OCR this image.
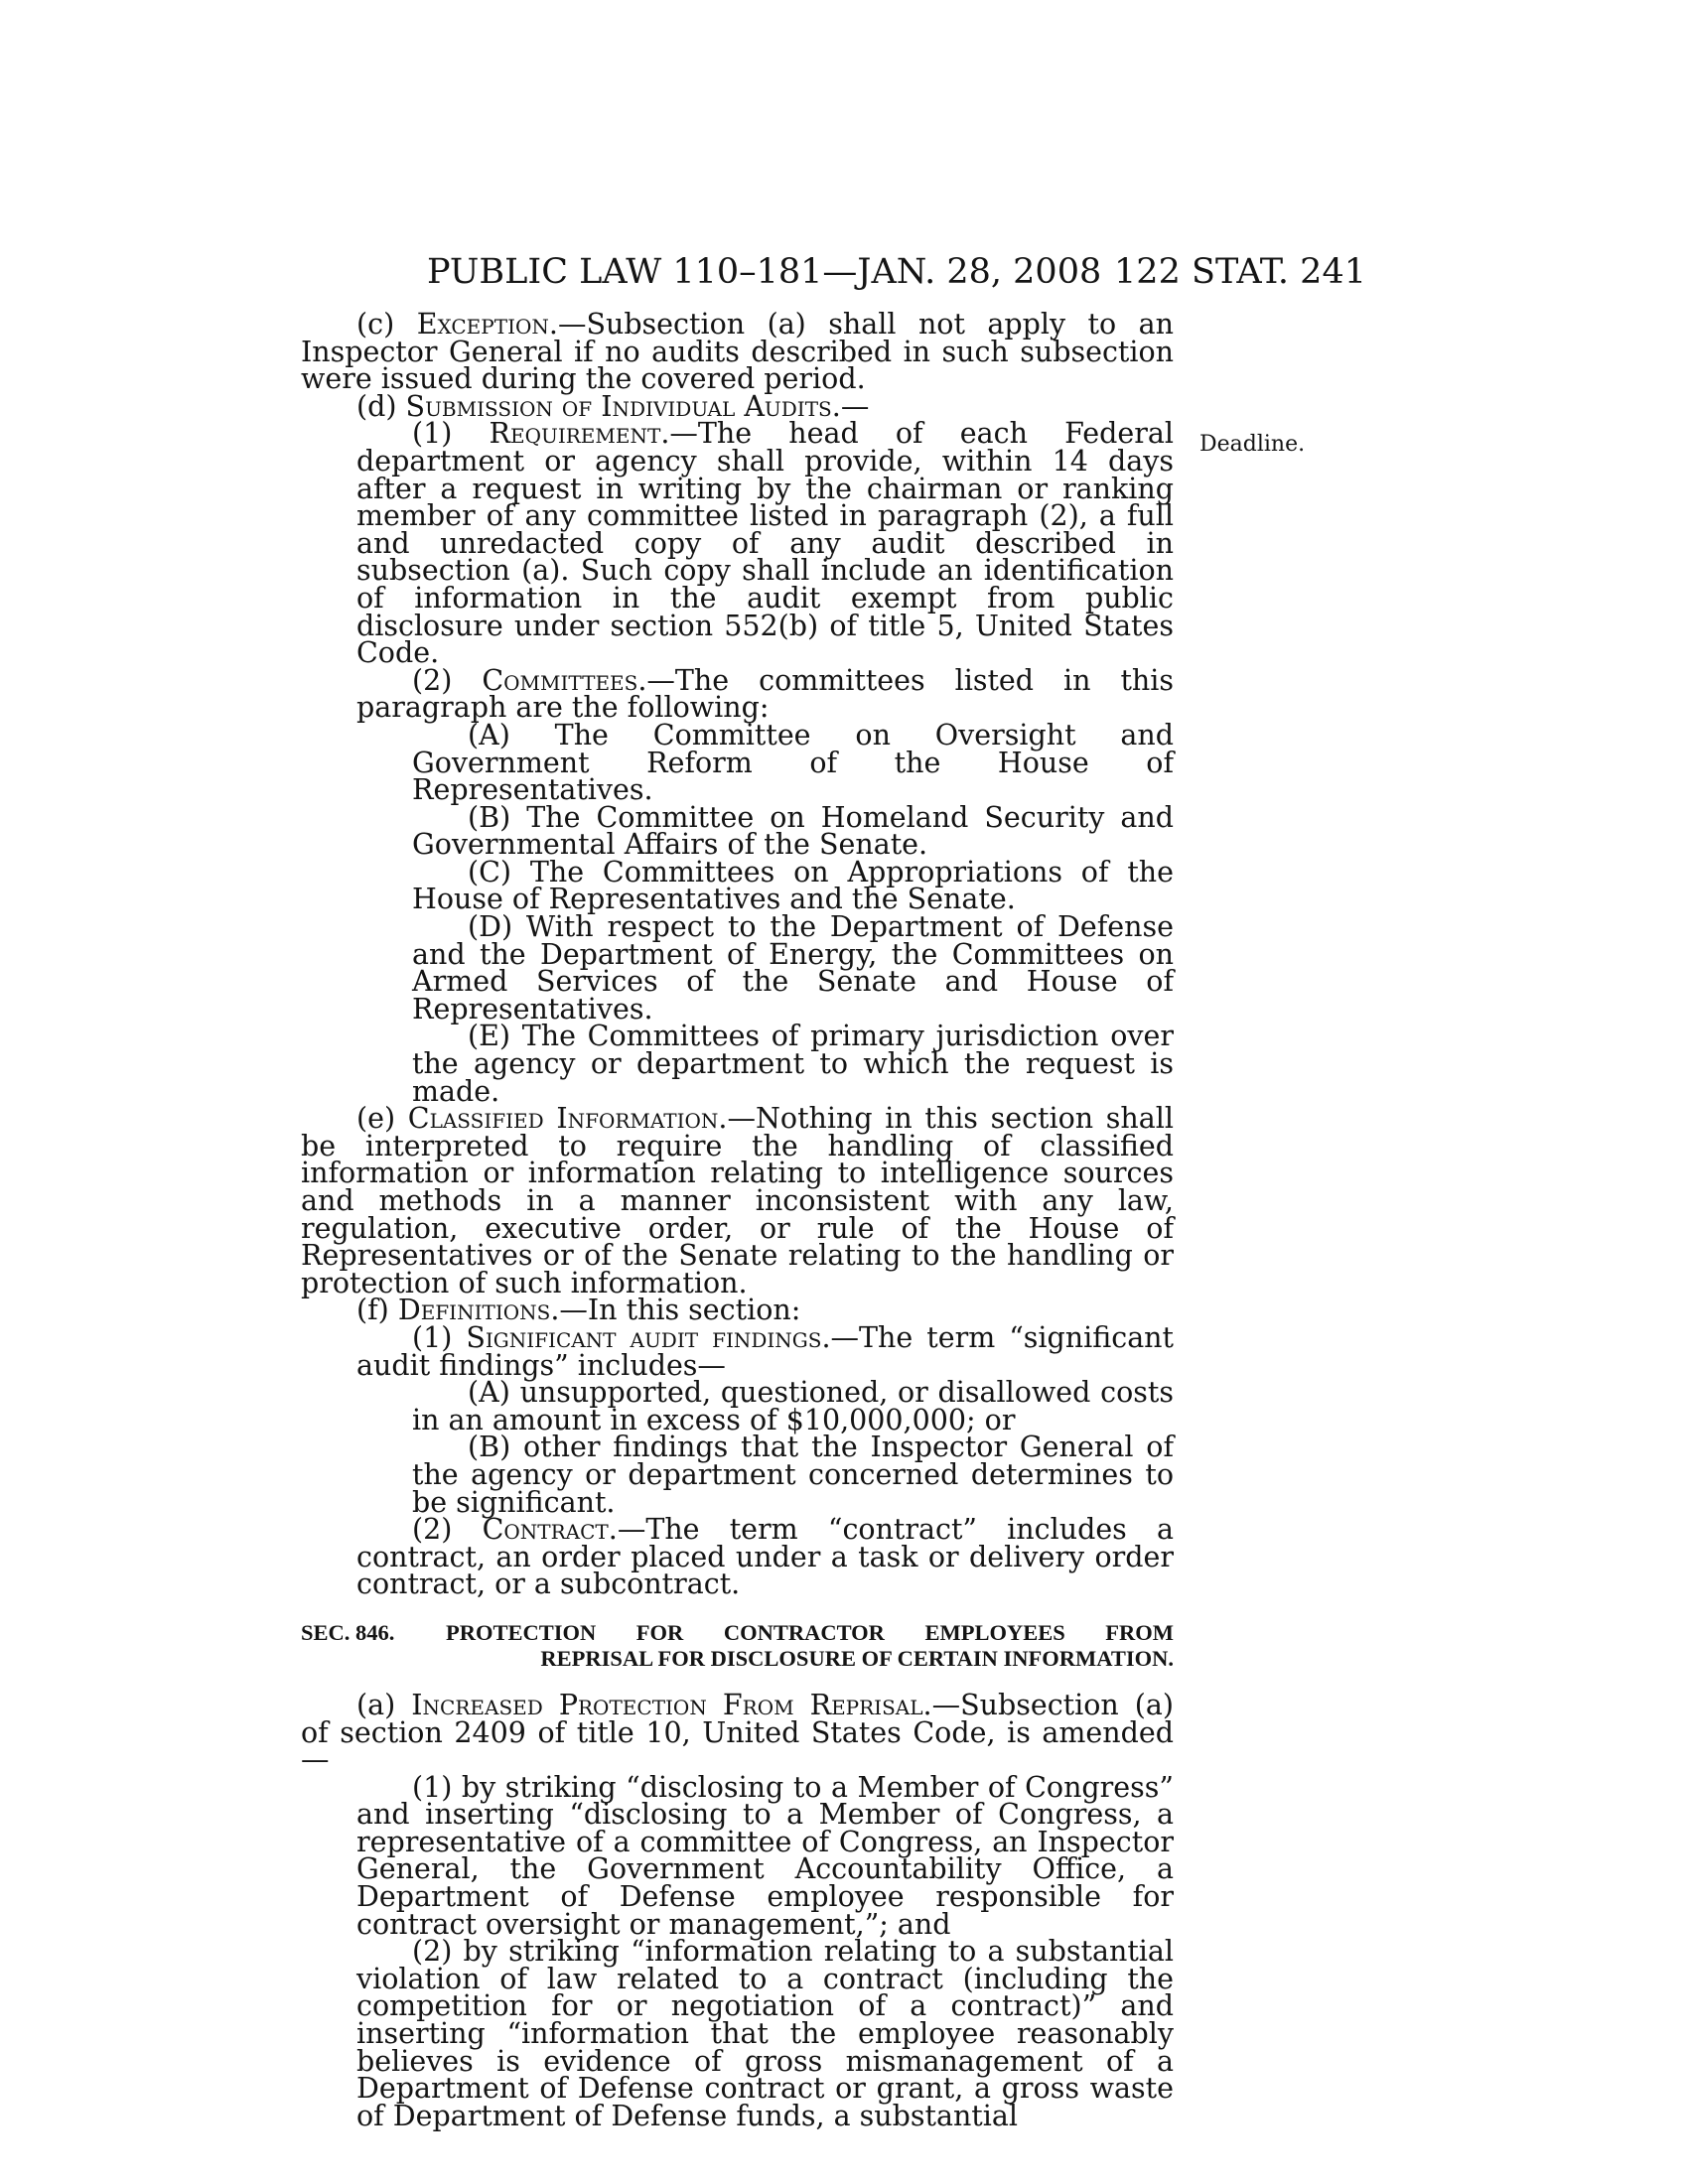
PUBLIC LAW 110–181—JAN. 28, 2008 122 STAT. 241
Deadline.

(c) Exception.—Subsection (a) shall not apply to an Inspector General if no audits described in such subsection were issued during the covered period.

(d) Submission of Individual Audits.—

(1) Requirement.—The head of each Federal department or agency shall provide, within 14 days after a request in writing by the chairman or ranking member of any committee listed in paragraph (2), a full and unredacted copy of any audit described in subsection (a). Such copy shall include an identification of information in the audit exempt from public disclosure under section 552(b) of title 5, United States Code.

(2) Committees.—The committees listed in this paragraph are the following:

(A) The Committee on Oversight and Government Reform of the House of Representatives.

(B) The Committee on Homeland Security and Governmental Affairs of the Senate.

(C) The Committees on Appropriations of the House of Representatives and the Senate.

(D) With respect to the Department of Defense and the Department of Energy, the Committees on Armed Services of the Senate and House of Representatives.

(E) The Committees of primary jurisdiction over the agency or department to which the request is made.

(e) Classified Information.—Nothing in this section shall be interpreted to require the handling of classified information or information relating to intelligence sources and methods in a manner inconsistent with any law, regulation, executive order, or rule of the House of Representatives or of the Senate relating to the handling or protection of such information.

(f) Definitions.—In this section:

(1) Significant audit findings.—The term “significant audit findings” includes—

(A) unsupported, questioned, or disallowed costs in an amount in excess of $10,000,000; or

(B) other findings that the Inspector General of the agency or department concerned determines to be significant.

(2) Contract.—The term “contract” includes a contract, an order placed under a task or delivery order contract, or a subcontract.

SEC. 846.	PROTECTION FOR CONTRACTOR EMPLOYEES FROM
REPRISAL FOR DISCLOSURE OF CERTAIN INFORMATION.

(a) Increased Protection From Reprisal.—Subsection (a) of section 2409 of title 10, United States Code, is amended—

(1) by striking “disclosing to a Member of Congress” and inserting “disclosing to a Member of Congress, a representative of a committee of Congress, an Inspector General, the Government Accountability Office, a Department of Defense employee responsible for contract oversight or management,”; and

(2) by striking “information relating to a substantial violation of law related to a contract (including the competition for or negotiation of a contract)” and inserting “information that the employee reasonably believes is evidence of gross mismanagement of a Department of Defense contract or grant, a gross waste of Department of Defense funds, a substantial
